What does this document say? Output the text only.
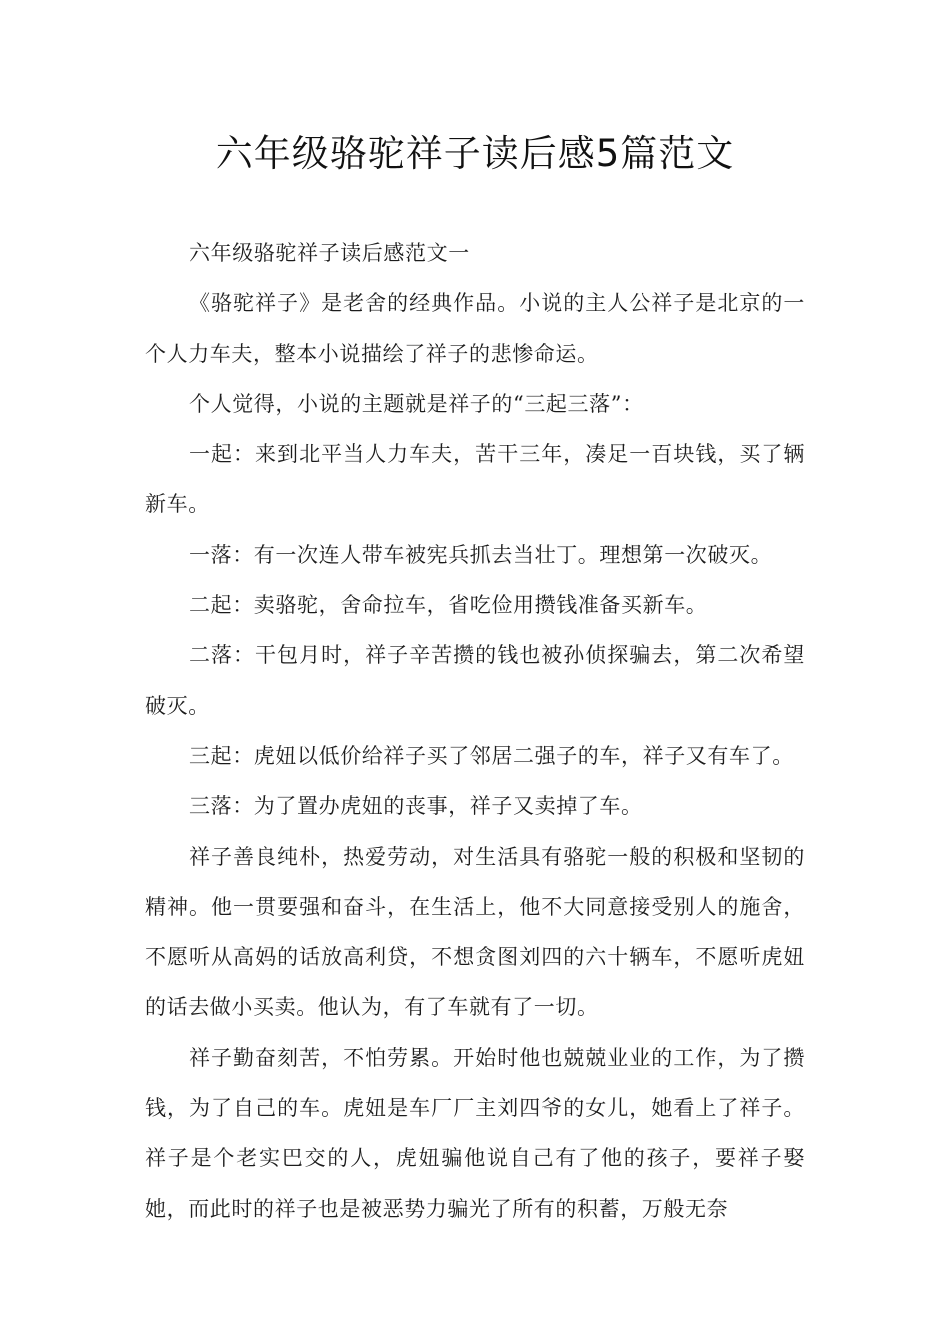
六年级骆驼祥子读后感5篇范文

六年级骆驼祥子读后感范文一

《骆驼祥子》是老舍的经典作品。小说的主人公祥子是北京的一个人力车夫，整本小说描绘了祥子的悲惨命运。

个人觉得，小说的主题就是祥子的“三起三落”：

一起：来到北平当人力车夫，苦干三年，凑足一百块钱，买了辆新车。

一落：有一次连人带车被宪兵抓去当壮丁。理想第一次破灭。

二起：卖骆驼，舍命拉车，省吃俭用攒钱准备买新车。

二落：干包月时，祥子辛苦攒的钱也被孙侦探骗去，第二次希望破灭。

三起：虎妞以低价给祥子买了邻居二强子的车，祥子又有车了。

三落：为了置办虎妞的丧事，祥子又卖掉了车。

祥子善良纯朴，热爱劳动，对生活具有骆驼一般的积极和坚韧的精神。他一贯要强和奋斗，在生活上，他不大同意接受别人的施舍，不愿听从高妈的话放高利贷，不想贪图刘四的六十辆车，不愿听虎妞的话去做小买卖。他认为，有了车就有了一切。

祥子勤奋刻苦，不怕劳累。开始时他也兢兢业业的工作，为了攒钱，为了自己的车。虎妞是车厂厂主刘四爷的女儿，她看上了祥子。祥子是个老实巴交的人，虎妞骗他说自己有了他的孩子，要祥子娶她，而此时的祥子也是被恶势力骗光了所有的积蓄，万般无奈
